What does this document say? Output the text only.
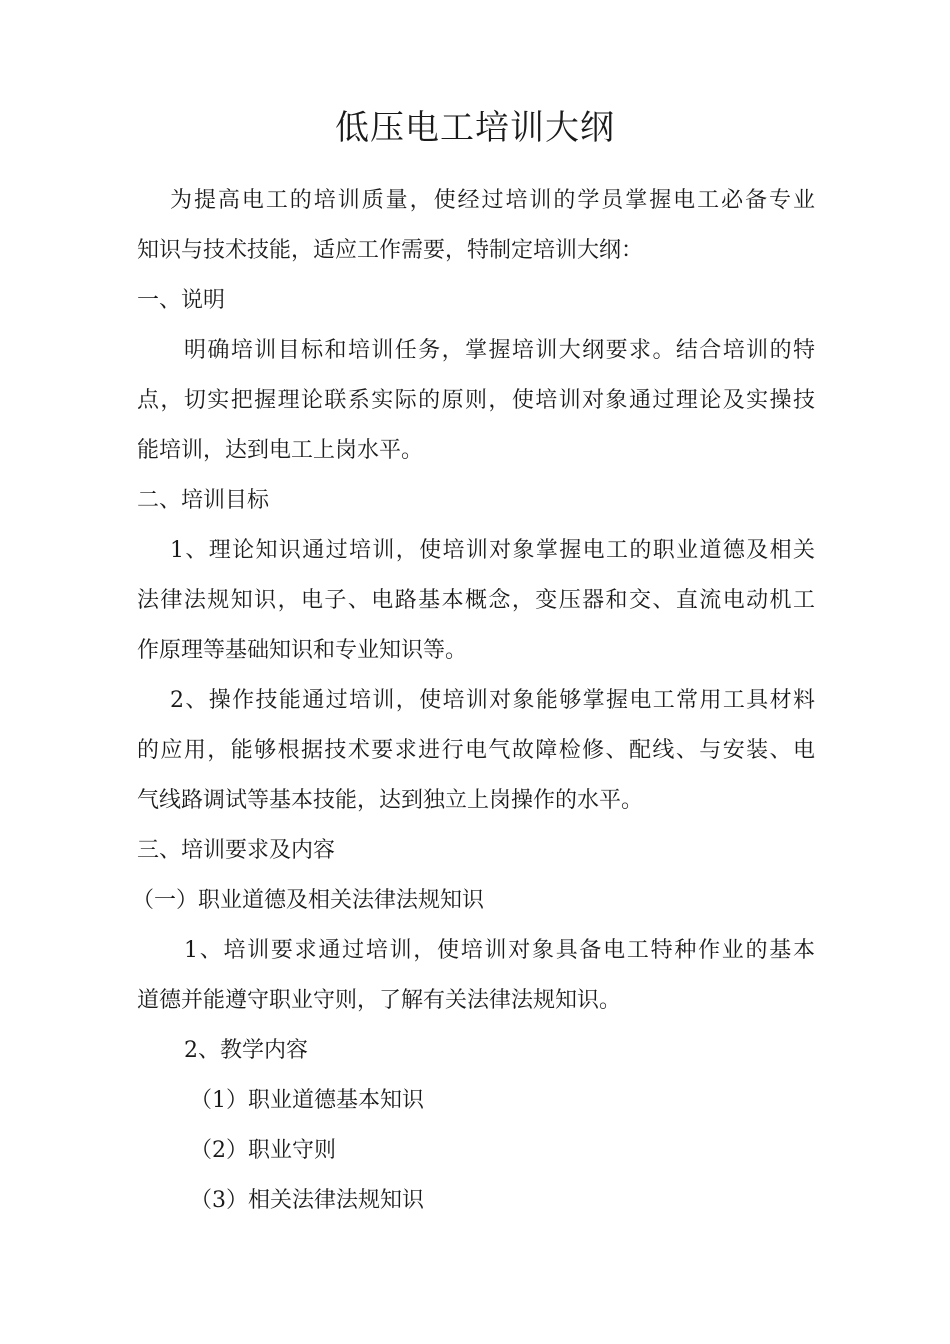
低压电工培训大纲
为提高电工的培训质量，使经过培训的学员掌握电工必备专业
知识与技术技能，适应工作需要，特制定培训大纲：
一、说明
明确培训目标和培训任务，掌握培训大纲要求。结合培训的特
点，切实把握理论联系实际的原则，使培训对象通过理论及实操技
能培训，达到电工上岗水平。
二、培训目标
1、理论知识通过培训，使培训对象掌握电工的职业道德及相关
法律法规知识，电子、电路基本概念，变压器和交、直流电动机工
作原理等基础知识和专业知识等。
2、操作技能通过培训，使培训对象能够掌握电工常用工具材料
的应用，能够根据技术要求进行电气故障检修、配线、与安装、电
气线路调试等基本技能，达到独立上岗操作的水平。
三、培训要求及内容
（一）职业道德及相关法律法规知识
1、培训要求通过培训，使培训对象具备电工特种作业的基本
道德并能遵守职业守则，了解有关法律法规知识。
2、教学内容
（1）职业道德基本知识
（2）职业守则
（3）相关法律法规知识
